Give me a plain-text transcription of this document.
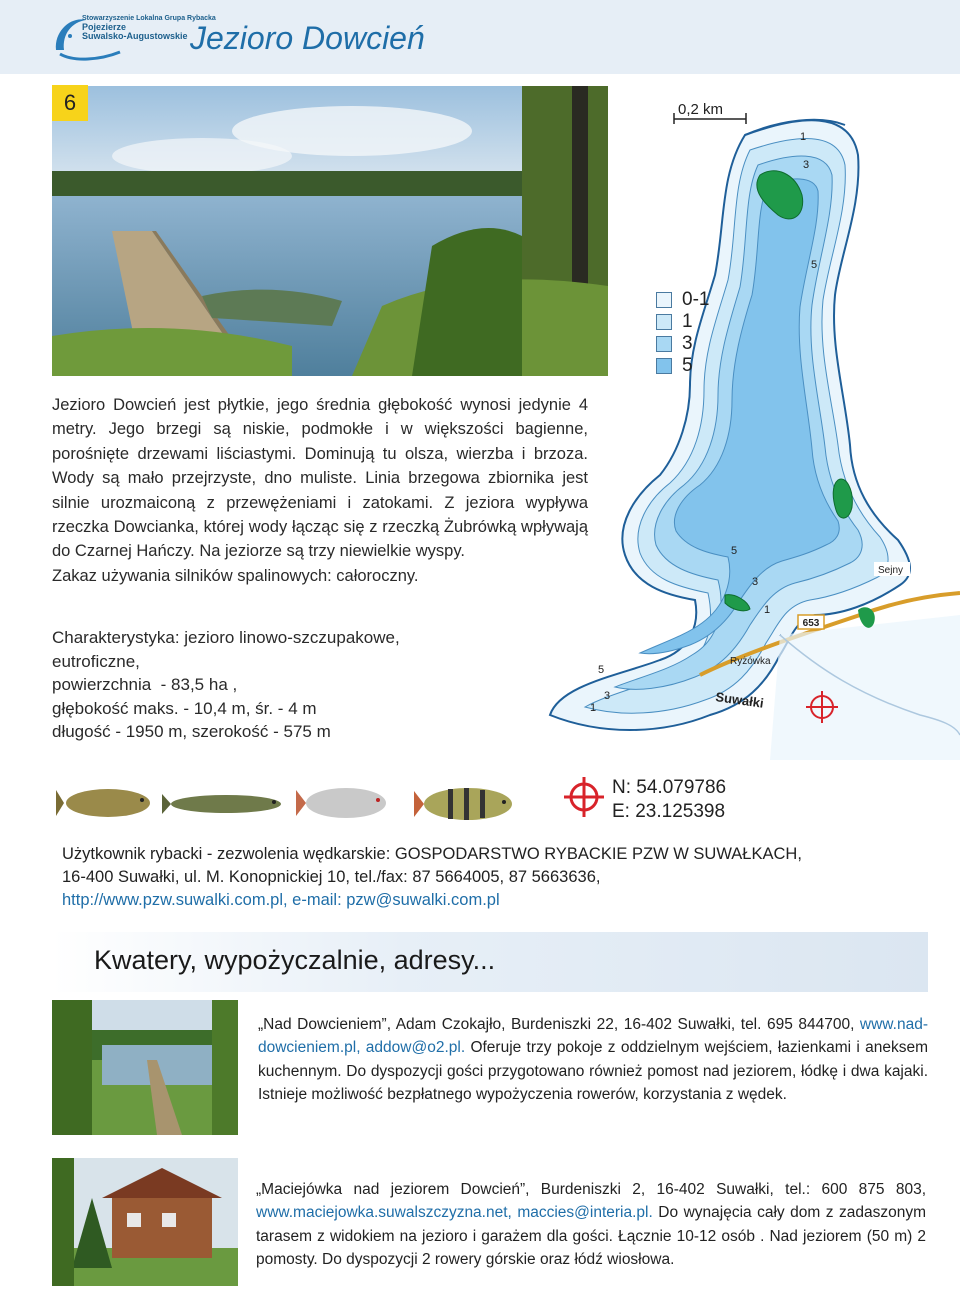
Stowarzyszenie Lokalna Grupa Rybacka
Pojezierze
Suwalsko-Augustowskie Jezioro Dowcień
6

Jezioro Dowcień jest płytkie, jego średnia głębokość wynosi jedynie 4 metry. Jego brzegi są niskie, podmokłe i w większości bagienne, porośnięte drzewami liściastymi. Dominują tu olsza, wierzba i brzoza. Wody są mało przejrzyste, dno muliste. Linia brzegowa zbiornika jest silnie urozmaiconą z przewężeniami i zatokami. Z jeziora wypływa rzeczka Dowcianka, której wody łącząc się z rzeczką Żubrówką wpływają do Czarnej Hańczy. Na jeziorze są trzy niewielkie wyspy.

Zakaz używania silników spalinowych: całoroczny.

Charakterystyka: jezioro linowo-szczupakowe,
eutroficzne,
powierzchnia  - 83,5 ha ,
głębokość maks. - 10,4 m, śr. - 4 m
długość - 1950 m, szerokość - 575 m
653
Ryżówka
Suwałki
Sejny
1
3
5
5
3
1
5
3
1
0,2 km
0-1
1
3
5
N: 54.079786
E: 23.125398
Użytkownik rybacki - zezwolenia wędkarskie: GOSPODARSTWO RYBACKIE PZW W SUWAŁKACH,
16-400 Suwałki, ul. M. Konopnickiej 10, tel./fax: 87 5664005, 87 5663636,
http://www.pzw.suwalki.com.pl, e-mail: pzw@suwalki.com.pl
Kwatery, wypożyczalnie, adresy...
„Nad Dowcieniem”, Adam Czokajło, Burdeniszki 22, 16-402 Suwałki, tel. 695 844700, www.nad-dowcieniem.pl, addow@o2.pl. Oferuje trzy pokoje z oddzielnym wejściem, łazienkami i aneksem kuchennym. Do dyspozycji gości przygotowano również pomost nad jeziorem, łódkę i dwa kajaki. Istnieje możliwość bezpłatnego wypożyczenia rowerów, korzystania z wędek.
„Maciejówka nad jeziorem Dowcień”, Burdeniszki 2, 16-402 Suwałki, tel.: 600 875 803, www.maciejowka.suwalszczyzna.net, maccies@interia.pl. Do wynajęcia cały dom z zadaszonym tarasem z widokiem na jezioro i garażem dla gości. Łącznie 10-12 osób . Nad jeziorem (50 m) 2 pomosty. Do dyspozycji 2 rowery górskie oraz łódź wiosłowa.
